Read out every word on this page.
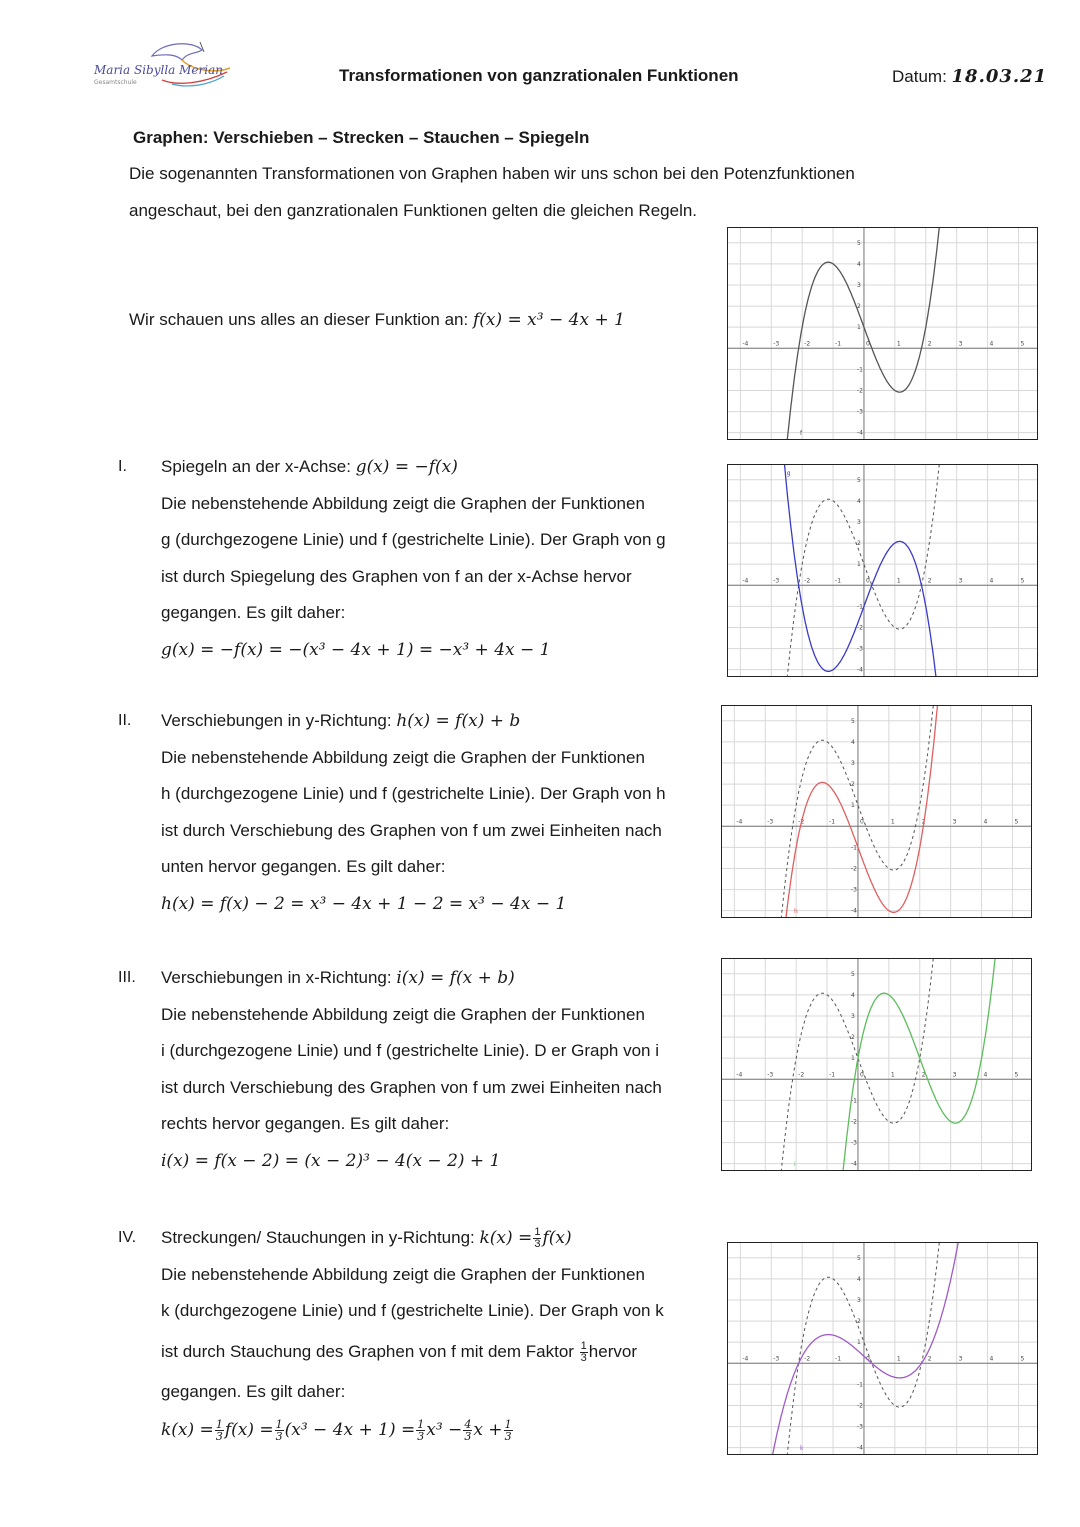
Maria Sibylla Merian
Gesamtschule	Transformationen von ganzrationalen Funktionen	Datum: 18.03.21
Graphen: Verschieben – Strecken – Stauchen – Spiegeln
Die sogenannten Transformationen von Graphen haben wir uns schon bei den Potenzfunktionen
angeschaut, bei den ganzrationalen Funktionen gelten die gleichen Regeln.
Wir schauen uns alles an dieser Funktion an: f(x) = x³ − 4x + 1
I. Spiegeln an der x-Achse: g(x) = −f(x)
Die nebenstehende Abbildung zeigt die Graphen der Funktionen
g (durchgezogene Linie) und f (gestrichelte Linie). Der Graph von g
ist durch Spiegelung des Graphen von f an der x-Achse hervor
gegangen. Es gilt daher:
g(x) = −f(x) = −(x³ − 4x + 1) = −x³ + 4x − 1
II. Verschiebungen in y-Richtung: h(x) = f(x) + b
Die nebenstehende Abbildung zeigt die Graphen der Funktionen
h (durchgezogene Linie) und f (gestrichelte Linie). Der Graph von h
ist durch Verschiebung des Graphen von f um zwei Einheiten nach
unten hervor gegangen. Es gilt daher:
h(x) = f(x) − 2 = x³ − 4x + 1 − 2 = x³ − 4x − 1
III. Verschiebungen in x-Richtung: i(x) = f(x + b)
Die nebenstehende Abbildung zeigt die Graphen der Funktionen
i (durchgezogene Linie) und f (gestrichelte Linie). D er Graph von i
ist durch Verschiebung des Graphen von f um zwei Einheiten nach
rechts hervor gegangen. Es gilt daher:
i(x) = f(x − 2) = (x − 2)³ − 4(x − 2) + 1
IV. Streckungen/ Stauchungen in y-Richtung: $k(x) = \frac{1}{3} f(x)$
Die nebenstehende Abbildung zeigt die Graphen der Funktionen
k (durchgezogene Linie) und f (gestrichelte Linie). Der Graph von k
ist durch Stauchung des Graphen von f mit dem Faktor $\frac{1}{3}$ hervor
gegangen. Es gilt daher:
$k(x) = \frac{1}{3} f(x) = \frac{1}{3} (x^3 - 4x + 1) = \frac{1}{3} x^3 - \frac{4}{3}$ $x + \frac{1}{3}$
-4	-3	-2	-1	0	1	2	3	4	5
5
4
3
2
1
-1
-2
-3
-4
f
-4	-3	-2	-1	0	1	2	3	4	5
5
4
3
2
1
-1
-2
-3
-4
g
-4	-3	-2	-1	0	1	2	3	4	5
5
4
3
2
1
-1
-2
-3
-4
h
-4	-3	-2	-1	0	1	2	3	4	5
5
4
3
2
1
-1
-2
-3
-4
i
-4	-3	-2	-1	0	1	2	3	4	5
5
4
3
2
1
-1
-2
-3
-4
k
